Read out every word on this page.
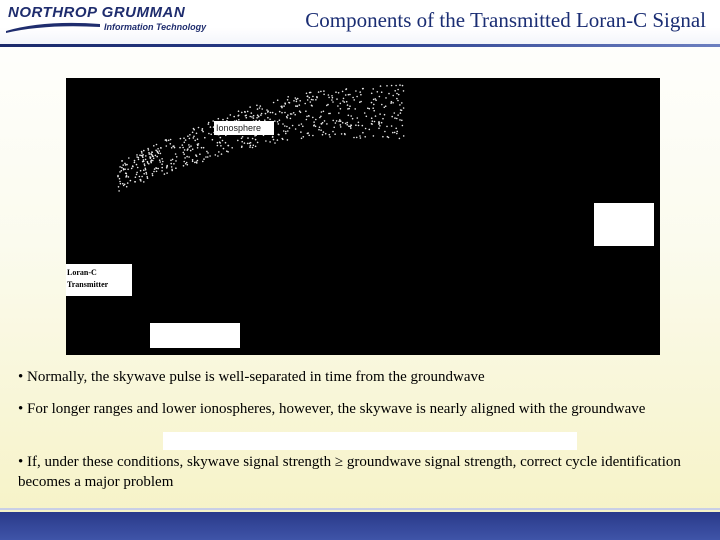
NORTHROP GRUMMAN
Information Technology	Components of the Transmitted Loran-C Signal
Ionosphere
Loran-C Transmitter
• Normally, the skywave pulse is well-separated in time from the groundwave
• For longer ranges and lower ionospheres, however, the skywave is nearly aligned with the groundwave
• If, under these conditions, skywave signal strength ≥ groundwave signal strength, correct cycle identification becomes a major problem
